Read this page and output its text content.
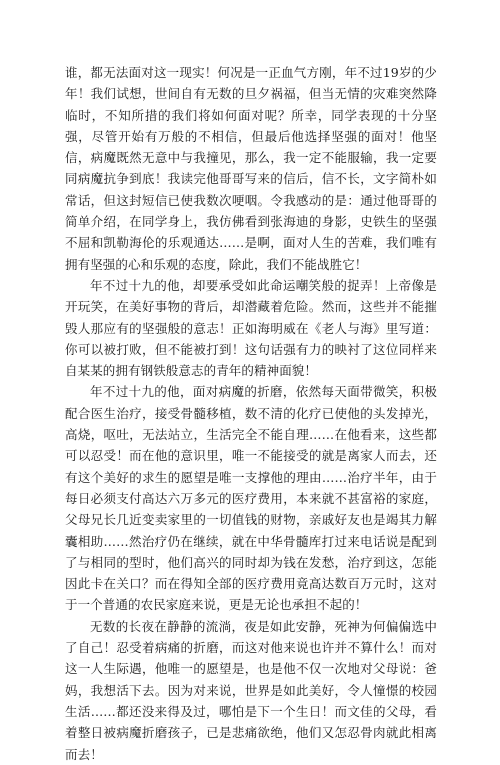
谁，都无法面对这一现实！何况是一正血气方刚，年不过19岁的少年！我们试想，世间自有无数的旦夕祸福，但当无情的灾难突然降临时，不知所措的我们将如何面对呢？所幸，同学表现的十分坚强，尽管开始有万般的不相信，但最后他选择坚强的面对！他坚信，病魔既然无意中与我撞见，那么，我一定不能服输，我一定要同病魔抗争到底！我读完他哥哥写来的信后，信不长，文字简朴如常话，但这封短信已使我数次哽咽。令我感动的是：通过他哥哥的简单介绍，在同学身上，我仿佛看到张海迪的身影，史铁生的坚强不屈和凯勒海伦的乐观通达……是啊，面对人生的苦难，我们唯有拥有坚强的心和乐观的态度，除此，我们不能战胜它！

年不过十九的他，却要承受如此命运嘲笑般的捉弄！上帝像是开玩笑，在美好事物的背后，却潜藏着危险。然而，这些并不能摧毁人那应有的坚强般的意志！正如海明威在《老人与海》里写道：你可以被打败，但不能被打到！这句话强有力的映衬了这位同样来自某某的拥有钢铁般意志的青年的精神面貌！

年不过十九的他，面对病魔的折磨，依然每天面带微笑，积极配合医生治疗，接受骨髓移植，数不清的化疗已使他的头发掉光，高烧，呕吐，无法站立，生活完全不能自理……在他看来，这些都可以忍受！而在他的意识里，唯一不能接受的就是离家人而去，还有这个美好的求生的愿望是唯一支撑他的理由……治疗半年，由于每日必须支付高达六万多元的医疗费用，本来就不甚富裕的家庭，父母兄长几近变卖家里的一切值钱的财物，亲戚好友也是竭其力解囊相助……然治疗仍在继续，就在中华骨髓库打过来电话说是配到了与相同的型时，他们高兴的同时却为钱在发愁，治疗到这，怎能因此卡在关口？而在得知全部的医疗费用竟高达数百万元时，这对于一个普通的农民家庭来说，更是无论也承担不起的！

无数的长夜在静静的流淌，夜是如此安静，死神为何偏偏选中了自己！忍受着病痛的折磨，而这对他来说也许并不算什么！而对这一人生际遇，他唯一的愿望是，也是他不仅一次地对父母说：爸妈，我想活下去。因为对来说，世界是如此美好，令人憧憬的校园生活……都还没来得及过，哪怕是下一个生日！而文佳的父母，看着整日被病魔折磨孩子，已是悲痛欲绝，他们又怎忍骨肉就此相离而去！
